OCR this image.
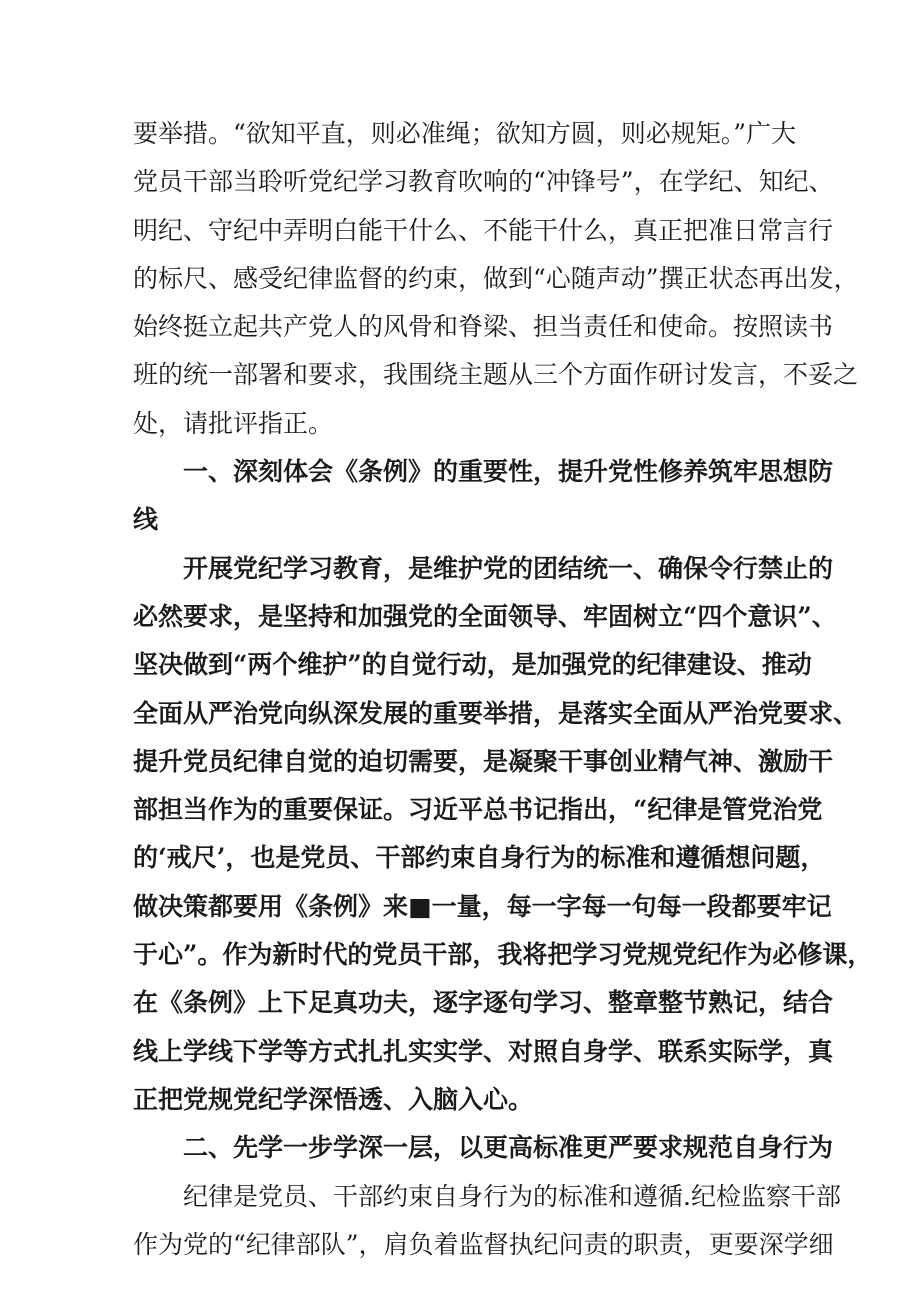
要举措。“欲知平直，则必准绳；欲知方圆，则必规矩。”广大
党员干部当聆听党纪学习教育吹响的“冲锋号”，在学纪、知纪、
明纪、守纪中弄明白能干什么、不能干什么，真正把准日常言行
的标尺、感受纪律监督的约束，做到“心随声动”撰正状态再出发，
始终挺立起共产党人的风骨和脊梁、担当责任和使命。按照读书
班的统一部署和要求，我围绕主题从三个方面作研讨发言，不妥之
处，请批评指正。
一、深刻体会《条例》的重要性，提升党性修养筑牢思想防
线
开展党纪学习教育，是维护党的团结统一、确保令行禁止的
必然要求，是坚持和加强党的全面领导、牢固树立“四个意识”、
坚决做到“两个维护”的自觉行动，是加强党的纪律建设、推动
全面从严治党向纵深发展的重要举措，是落实全面从严治党要求、
提升党员纪律自觉的迫切需要，是凝聚干事创业精气神、激励干
部担当作为的重要保证。习近平总书记指出，“纪律是管党治党
的‘戒尺’，也是党员、干部约束自身行为的标准和遵循想问题，
做决策都要用《条例》来■一量，每一字每一句每一段都要牢记
于心”。作为新时代的党员干部，我将把学习党规党纪作为必修课，
在《条例》上下足真功夫，逐字逐句学习、整章整节熟记，结合
线上学线下学等方式扎扎实实学、对照自身学、联系实际学，真
正把党规党纪学深悟透、入脑入心。
二、先学一步学深一层，以更高标准更严要求规范自身行为
纪律是党员、干部约束自身行为的标准和遵循.纪检监察干部
作为党的“纪律部队”，肩负着监督执纪问责的职责，更要深学细
